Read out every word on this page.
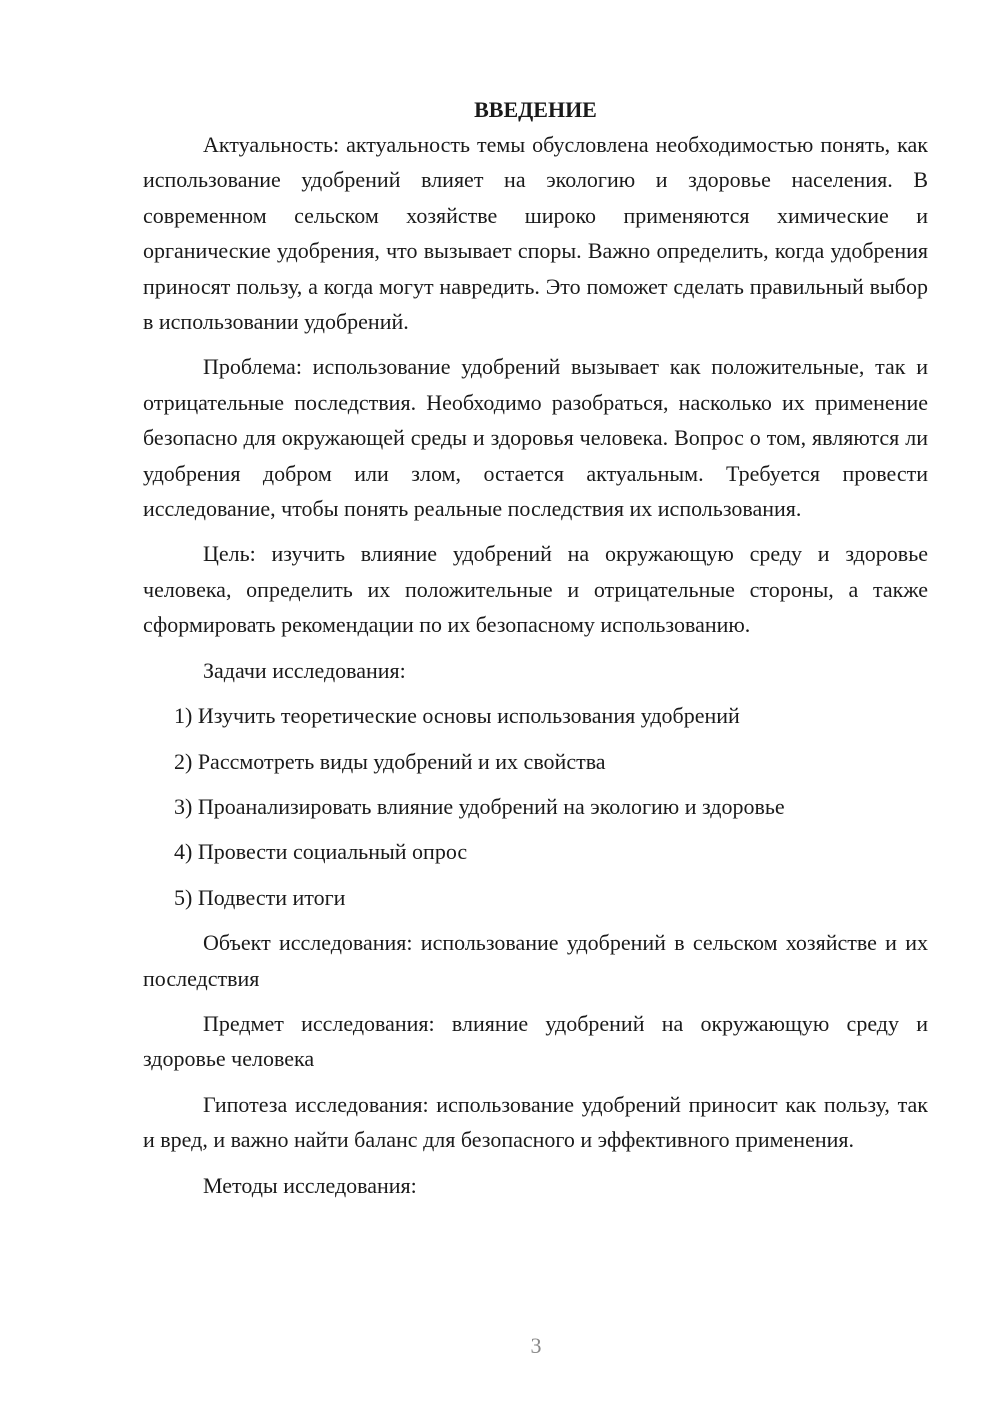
ВВЕДЕНИЕ

Актуальность: актуальность темы обусловлена необходимостью понять, как использование удобрений влияет на экологию и здоровье населения. В современном сельском хозяйстве широко применяются химические и органические удобрения, что вызывает споры. Важно определить, когда удобрения приносят пользу, а когда могут навредить. Это поможет сделать правильный выбор в использовании удобрений.

Проблема: использование удобрений вызывает как положительные, так и отрицательные последствия. Необходимо разобраться, насколько их применение безопасно для окружающей среды и здоровья человека. Вопрос о том, являются ли удобрения добром или злом, остается актуальным. Требуется провести исследование, чтобы понять реальные последствия их использования.

Цель: изучить влияние удобрений на окружающую среду и здоровье человека, определить их положительные и отрицательные стороны, а также сформировать рекомендации по их безопасному использованию.

Задачи исследования:

1) Изучить теоретические основы использования удобрений
2) Рассмотреть виды удобрений и их свойства
3) Проанализировать влияние удобрений на экологию и здоровье
4) Провести социальный опрос
5) Подвести итоги

Объект исследования: использование удобрений в сельском хозяйстве и их последствия

Предмет исследования: влияние удобрений на окружающую среду и здоровье человека

Гипотеза исследования: использование удобрений приносит как пользу, так и вред, и важно найти баланс для безопасного и эффективного применения.

Методы исследования:

3
